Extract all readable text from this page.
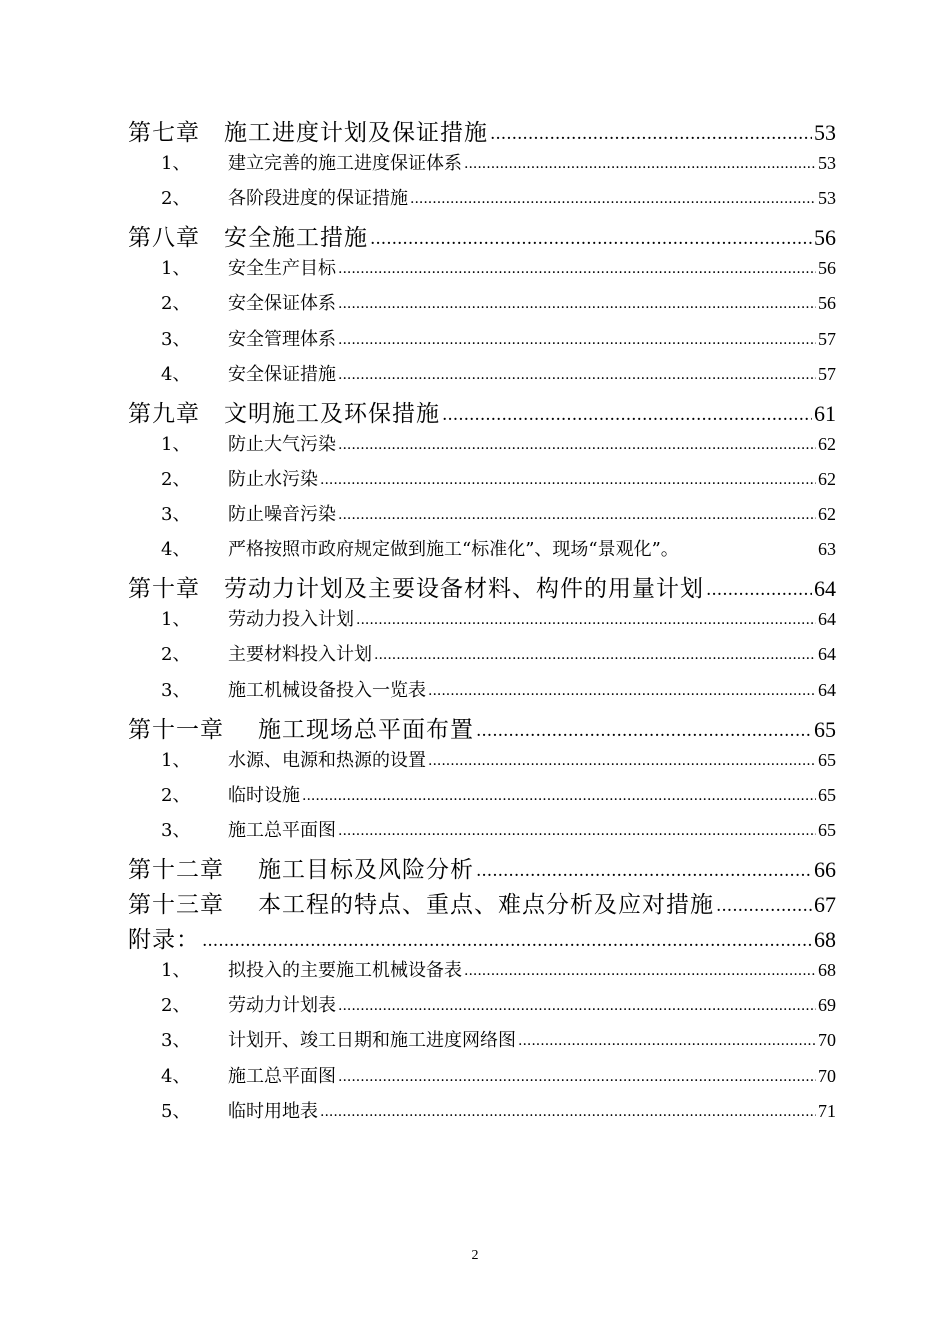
第七章 施工进度计划及保证措施 .....	53
1、	建立完善的施工进度保证体系 .....	53
2、	各阶段进度的保证措施 .....	53
第八章 安全施工措施 .....	56
1、	安全生产目标 .....	56
2、	安全保证体系 .....	56
3、	安全管理体系 .....	57
4、	安全保证措施 .....	57
第九章 文明施工及环保措施 .....	61
1、	防止大气污染 .....	62
2、	防止水污染 .....	62
3、	防止噪音污染 .....	62
4、	严格按照市政府规定做到施工“标准化”、现场“景观化”。	63
第十章 劳动力计划及主要设备材料、构件的用量计划 .....	64
1、	劳动力投入计划 .....	64
2、	主要材料投入计划 .....	64
3、	施工机械设备投入一览表 .....	64
第十一章 施工现场总平面布置 .....	65
1、	水源、电源和热源的设置 .....	65
2、	临时设施 .....	65
3、	施工总平面图 .....	65
第十二章 施工目标及风险分析 .....	66
第十三章 本工程的特点、重点、难点分析及应对措施 .....	67
附录： .....	68
1、	拟投入的主要施工机械设备表 .....	68
2、	劳动力计划表 .....	69
3、	计划开、竣工日期和施工进度网络图 .....	70
4、	施工总平面图 .....	70
5、	临时用地表 .....	71
2
